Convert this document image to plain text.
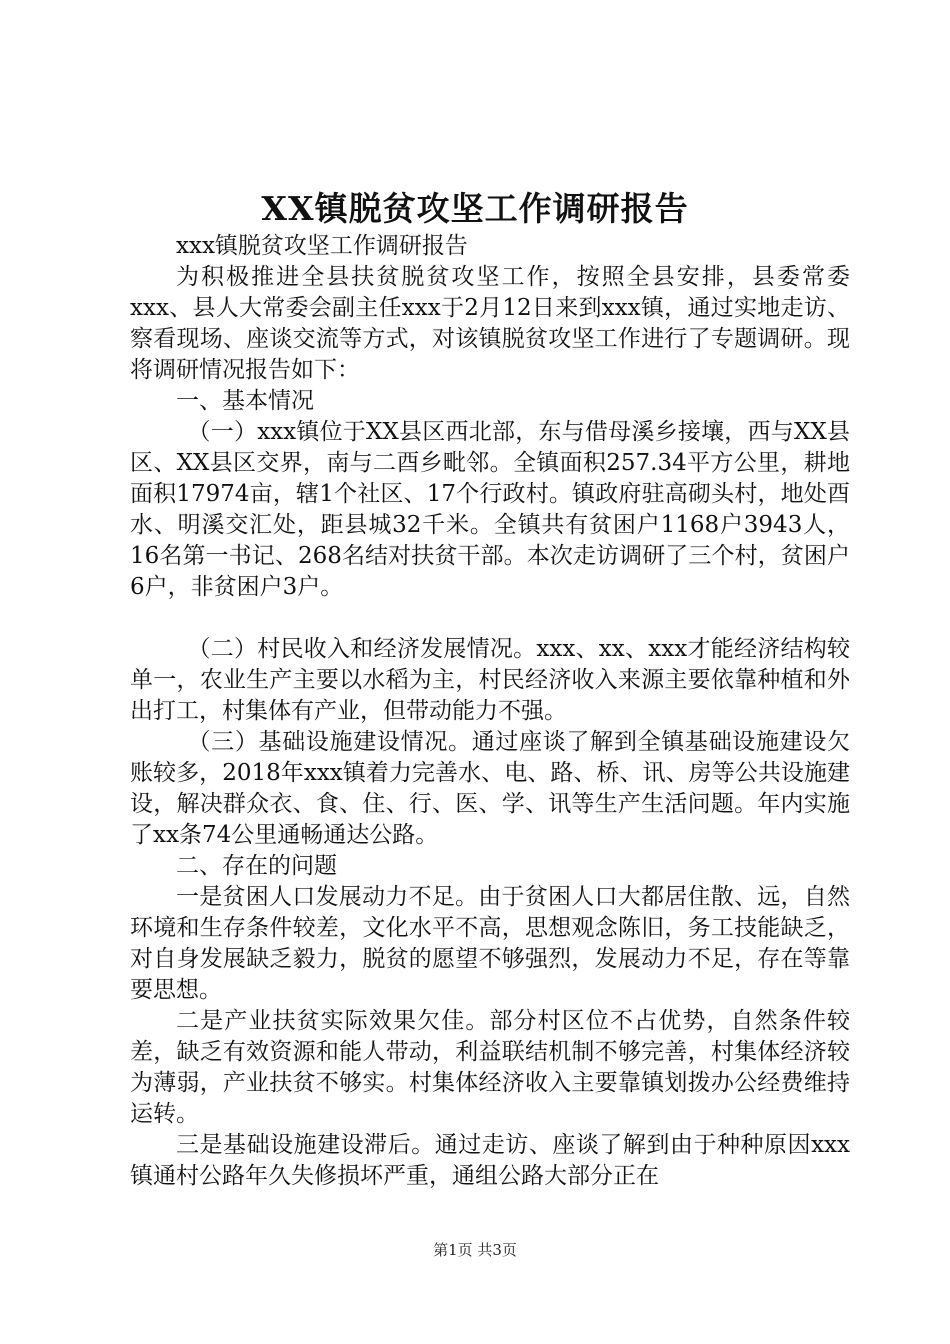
XX镇脱贫攻坚工作调研报告

xxx镇脱贫攻坚工作调研报告

为积极推进全县扶贫脱贫攻坚工作，按照全县安排，县委常委xxx、县人大常委会副主任xxx于2月12日来到xxx镇，通过实地走访、察看现场、座谈交流等方式，对该镇脱贫攻坚工作进行了专题调研。现将调研情况报告如下：

一、基本情况

（一）xxx镇位于XX县区西北部，东与借母溪乡接壤，西与XX县区、XX县区交界，南与二酉乡毗邻。全镇面积257.34平方公里，耕地面积17974亩，辖1个社区、17个行政村。镇政府驻高砌头村，地处酉水、明溪交汇处，距县城32千米。全镇共有贫困户1168户3943人，16名第一书记、268名结对扶贫干部。本次走访调研了三个村，贫困户6户，非贫困户3户。

（二）村民收入和经济发展情况。xxx、xx、xxx才能经济结构较单一，农业生产主要以水稻为主，村民经济收入来源主要依靠种植和外出打工，村集体有产业，但带动能力不强。

（三）基础设施建设情况。通过座谈了解到全镇基础设施建设欠账较多，2018年xxx镇着力完善水、电、路、桥、讯、房等公共设施建设，解决群众衣、食、住、行、医、学、讯等生产生活问题。年内实施了xx条74公里通畅通达公路。

二、存在的问题

一是贫困人口发展动力不足。由于贫困人口大都居住散、远，自然环境和生存条件较差，文化水平不高，思想观念陈旧，务工技能缺乏，对自身发展缺乏毅力，脱贫的愿望不够强烈，发展动力不足，存在等靠要思想。

二是产业扶贫实际效果欠佳。部分村区位不占优势，自然条件较差，缺乏有效资源和能人带动，利益联结机制不够完善，村集体经济较为薄弱，产业扶贫不够实。村集体经济收入主要靠镇划拨办公经费维持运转。

三是基础设施建设滞后。通过走访、座谈了解到由于种种原因xxx镇通村公路年久失修损坏严重，通组公路大部分正在

第1页 共3页
